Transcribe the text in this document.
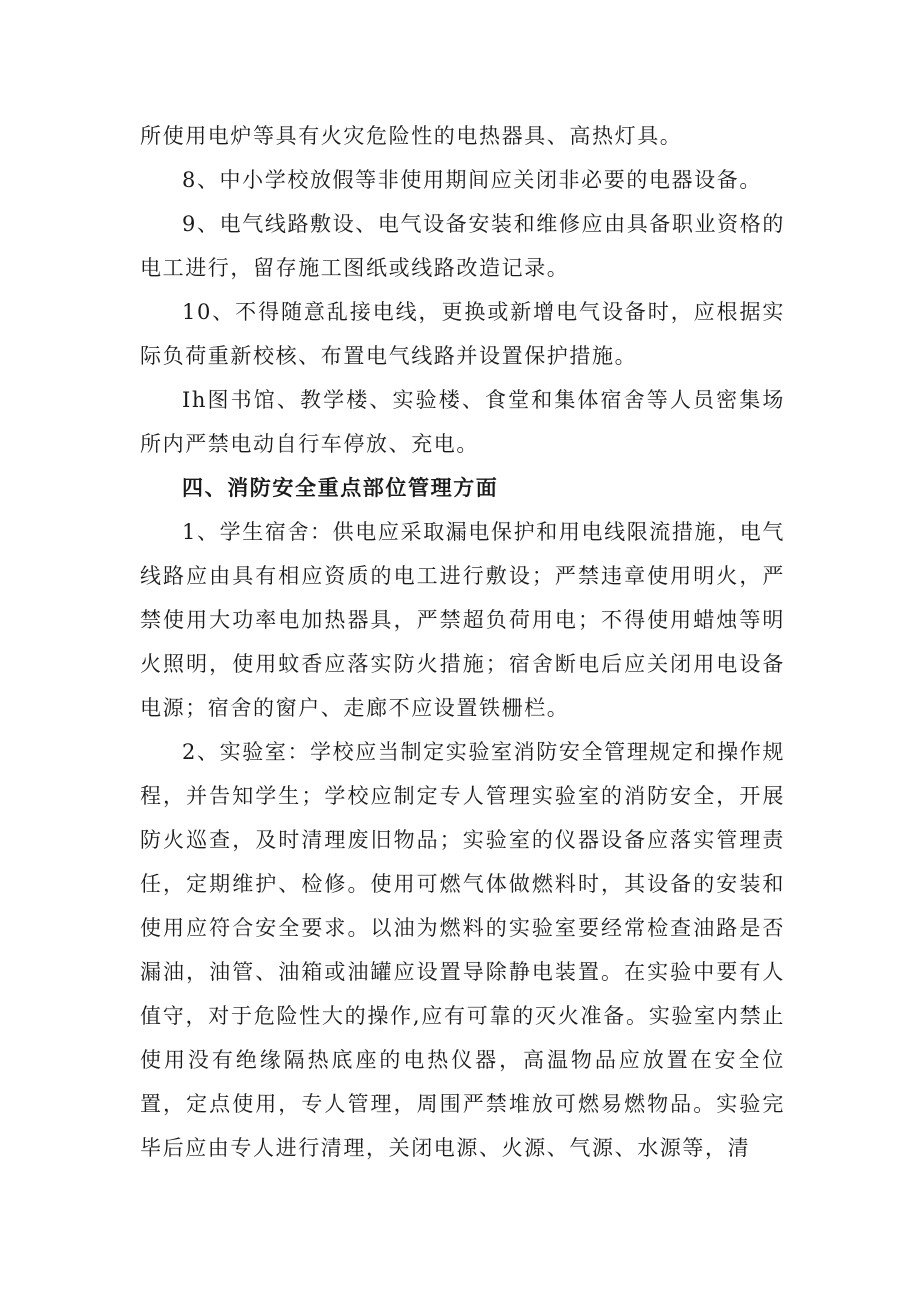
所使用电炉等具有火灾危险性的电热器具、高热灯具。

8、中小学校放假等非使用期间应关闭非必要的电器设备。

9、电气线路敷设、电气设备安装和维修应由具备职业资格的电工进行，留存施工图纸或线路改造记录。

10、不得随意乱接电线，更换或新增电气设备时，应根据实际负荷重新校核、布置电气线路并设置保护措施。

Ih图书馆、教学楼、实验楼、食堂和集体宿舍等人员密集场所内严禁电动自行车停放、充电。

四、消防安全重点部位管理方面

1、学生宿舍：供电应采取漏电保护和用电线限流措施，电气线路应由具有相应资质的电工进行敷设；严禁违章使用明火，严禁使用大功率电加热器具，严禁超负荷用电；不得使用蜡烛等明火照明，使用蚊香应落实防火措施；宿舍断电后应关闭用电设备电源；宿舍的窗户、走廊不应设置铁栅栏。

2、实验室：学校应当制定实验室消防安全管理规定和操作规程，并告知学生；学校应制定专人管理实验室的消防安全，开展防火巡查，及时清理废旧物品；实验室的仪器设备应落实管理责任，定期维护、检修。使用可燃气体做燃料时，其设备的安装和使用应符合安全要求。以油为燃料的实验室要经常检查油路是否漏油，油管、油箱或油罐应设置导除静电装置。在实验中要有人值守，对于危险性大的操作,应有可靠的灭火准备。实验室内禁止使用没有绝缘隔热底座的电热仪器，高温物品应放置在安全位置，定点使用，专人管理，周围严禁堆放可燃易燃物品。实验完毕后应由专人进行清理，关闭电源、火源、气源、水源等，清
